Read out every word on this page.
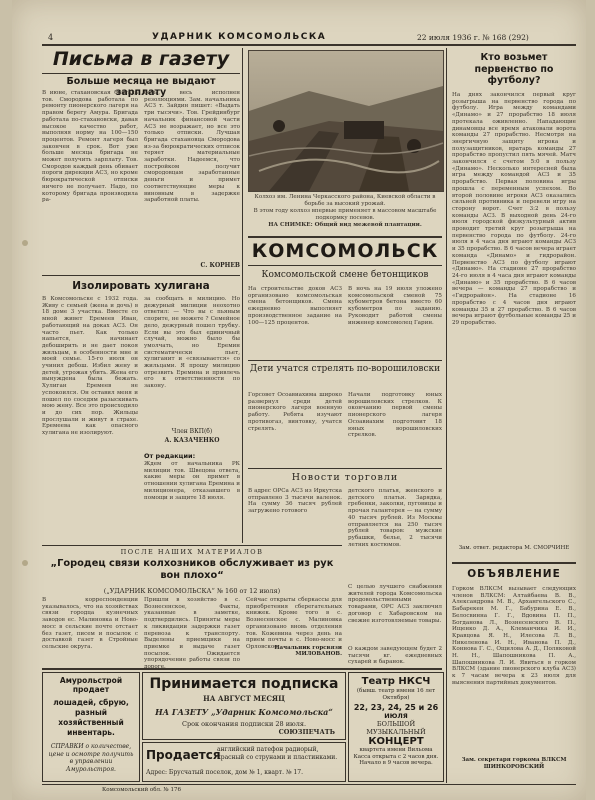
4	УДАРНИК КОМСОМОЛЬСКА	22 июля 1936 г. № 168 (292)
Письма в газету
Больше месяца не выдают зарплату
В июне, стахановская бригада тов. Смородова работала по ремонту пионерского лагеря на правом берегу Амура. Бригада работала по-стахановски, давая высокое качество работ, выполняя норму на 100—150 процентов. Ремонт лагеря был закончен в срок. Вот уже больше месяца бригада не может получить зарплату. Тов. Смородов каждый день обивает пороги дирекции АСЗ, но кроме бюрократической отписки ничего не получает. Надо, по которому бригада производила ра-
боты, весь исполнен резолюциями. Зам. начальника АСЗ т. Зайдин пишет: «Выдать три тысячи». Тов. Грейдинбург начальник финансовой части АСЗ не возражает, но все это только отписки. Лучшая бригада стахановца Смородова из-за бюрократических отписок теряет материальные заработки. Надеемся, что постройком получит смородовцам заработанные деньги и примет соответствующие меры к виновным в задержке заработной платы.
С. КОРНЕВ
Изолировать хулигана
В Комсомольске с 1932 года. Живу с семьей (жена и дочь) в 18 доме 3 участка. Вместе со мной живет Еремеев Иван, работающий на доках АСЗ. Он часто пьет. Как только напьется, начинает дебоширить и не дает покоя жильцам, в особенности мне и моей семье. 15-го июля он учинил дебош. Избил жену и детей, угрожая убить. Жена его вынуждена была бежать. Хулиган Еремеев не успокоился. Он оставил меня и пошел по соседям разыскивать мою жену. Все это происходило и до сих пор. Жильцы прослушали и живут в страхе. Еремеева как опасного хулигана не изолируют.
за сообщать в милицию. Но дежурный милиции неохотно ответил: — Что вы с пьяным спорите, не можете ? Семейное дело, дежурный пошел трубку. Если вы это был единичный случай, можно было бы умолчать, но Еремин систематически пьет, хулиганит и «связывается» со жильцами. Я прошу милицию отрезвить Еремина и привлечь его к ответственности по закону.
Член ВКП(б)
А. КАЗАЧЕНКО
От редакции:
Ждем от начальника РК милиции тов. Швецова ответа, какие меры он примет в отношении хулигана Еремина и милиционера, отказавшего в помощи и защите 18 июля.
Колхоз им. Ленина Черкасского района, Киевской области в борьбе за высокий урожай.
В этом году колхоз впервые применяет в массовом масштабе подкормку посевов.
НА СНИМКЕ: Общий вид межевой плантации.
КОМСОМОЛЬСК
Комсомольской смене бетонщиков
На строительстве доков АСЗ организовано комсомольская смена бетонщиков. Смена ежедневно выполняет производственное задание на 100—125 процентов.
В ночь на 19 июля уложено комсомольской сменой 75 кубометров бетона вместо 60 кубометров по заданию. Руководит работой смены инженер комсомолец Гарин.
Дети учатся стрелять по-ворошиловски
Горсовет Осоавиахима широко развернул среди детей пионерского лагеря военную работу. Ребята изучают противогаз, винтовку, учатся стрелять.
Начали подготовку юных ворошиловских стрелков. К окончанию первой смены пионерского лагеря Осоавиахим подготовит 18 юных ворошиловских стрелков.
Новости торговли
В адрес ОРСа АСЗ из Иркутска отправлено 3 тысячи валенок. На сумму 36 тысяч рублей загружено готового
детского платья, женского и детского платья. Зарядка, гребенки, заколки, пуговицы и прочая галантерея — на сумму 40 тысяч рублей. Из Москвы отправляется на 250 тысяч рублей товаров: мужские рубашки, белье, 2 тысячи летних костюмов.
ПОСЛЕ НАШИХ МАТЕРИАЛОВ
„Городец связи колхозников обслуживает из рук вон плохо“
(„УДАРНИК КОМСОМОЛЬСКА“ № 160 от 12 июля)
В корреспонденции указывалось, что на хозяйствах связи городца кузнечных заводов ес. Малиновка и Ново-мосс в сельские почте отстает без газет, писем и посылок с доставкой газет в Стройные сельские округа.
Пришли в хозяйство в с. Вознесенское, Факты, указанные в заметке, подтвердились. Приняты меры к ликвидации задержки газет перевоза к транспорту. Выделены приемщики на приемке и выдаче газет посылок. Ожидается упорядочение работы связи по
Сейчас открыты сберкассы для приобретения сберегательных книжек. Кроме того в с. Вознесенское с. Малиновка организовано вновь отделения тов. Кожевина через день на прием почты в с. Ново-мосс и Орловское.
Начальник горсвязи МИЛОВАНОВ.
С целью лучшего снабжения жителей города Комсомольска продовольственными товарами, ОРС АСЗ заключил договор с Хабаровском на свежие изготовляемые товары.
О каждом заведующем будет 2 тысячи кг. ежедневных сухарей и баранок.
Кто возьмет первенство по футболу?
На днях закончился первый круг розыгрыша на первенство города по футболу. Игра между командами «Динамо» и 27 прорабство 18 июля протекала оживленно. Нападающие динамовцы все время атаковали ворота команды 27 прорабство. Несмотря на энергичную защиту игрока и полузащитников, вратарь команды 27 прорабство пропустил пять мячей. Матч закончился с счетом 5:0 в пользу «Динамо». Несколько интересней была игра между командой АСЗ и 35 прорабство. Первая половина игры прошла с переменным успехом. Во второй половине игроки АСЗ оказались сильней противника и перевели игру на сторону ворот. Счет 3:2 в пользу команды АСЗ. В выходной день 24-го июля городской физкультурный актив проводит третий круг розыгрыша на первенство города по футболу. 24-го июля в 4 часа дня играют команды АСЗ и 35 прорабство. В 6 часов вечера играет команда «Динамо» и гидрорайон. Первенство АСЗ по футболу играют «Динамо». На стадионе 27 прорабство 24-го июля в 4 часа дня играют команды «Динамо» и 35 прорабство. В 6 часов вечера — команды 27 прорабство и «Гидрорайон». На стадионе 16 прорабство с 4 часов дня играют команды 35 и 27 прорабство. В 6 часов вечера играют футбольные команды 25 и 29 прорабство.
Зам. ответ. редактора М. СМОРЧИНЕ
ОБЪЯВЛЕНИЕ
Горком ВЛКСМ вызывает следующих членов ВЛКСМ: Алтайбаева В. В., Александрова М. В., Архангельского С., Бабарекен М. Г., Бабурина Е. В., Белосвинна Г. Г., Вдовина П. П., Богданова Л., Вознесенского В. П., Ищенко Д. А., Клеманчика И. И., Кравцова Я. Н., Илесова Л. В., Никеленова И. Н., Иванова П. Д., Коннова Г. С., Ощилова А. Д., Поляковой Н. Н., Шапошникова П. А., Шапошникова Л. И. Явиться в горком ВЛКСМ (здание пионерского клуба АСЗ) к 7 часам вечера к 23 июля для выяснения партийных документов.
Зам. секретаря горкома ВЛКСМ ШИНКОРОВСКИЙ
Амурольстрой продает
лошадей, сбрую, разный хозяйственный инвентарь.
СПРАВКИ о количестве, цене и осмотре получить в управлении Амурольстроя.
Принимается подписка
НА АВГУСТ МЕСЯЦ
НА ГАЗЕТУ „Ударник Комсомольска“
Срок окончания подписки 28 июля.
СОЮЗПЕЧАТЬ
Продается
английский патефон радиорый, красный со струнами и пластинками.
Адрес: Брусчатый поселок, дом № 1, кварт. № 17.
Театр НКСЧ
(бывш. театр имени 16 лет Октября)
22, 23, 24, 25 и 26
ИЮЛЯ
БОЛЬШОЙ
МУЗЫКАЛЬНЫЙ
КОНЦЕРТ
квартета имени Вильома
Касса открыта с 2 часов дня.
Начало в 9 часов вечера.
Комсомольский обл. № 176
